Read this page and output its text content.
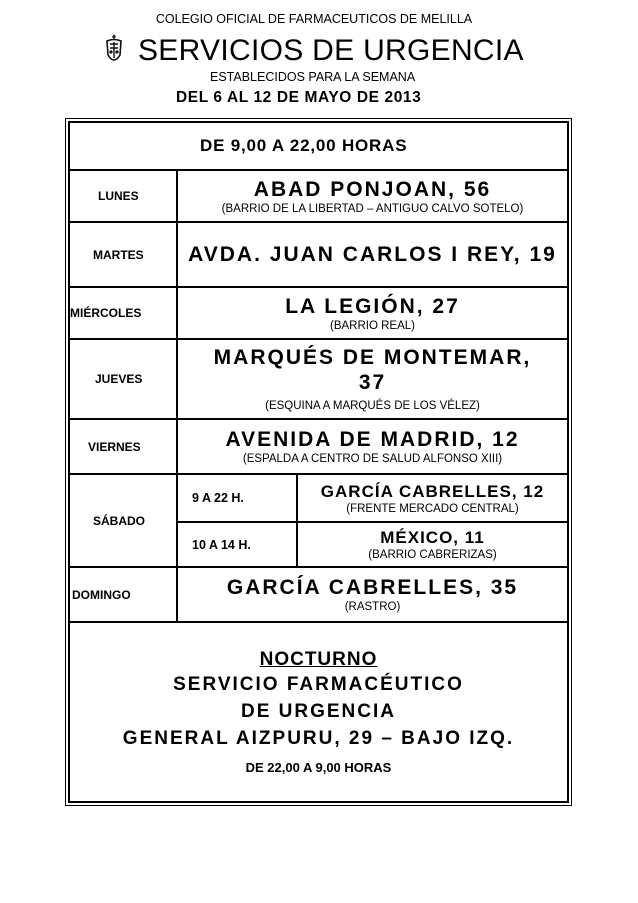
COLEGIO OFICIAL DE FARMACEUTICOS DE MELILLA
SERVICIOS DE URGENCIA
ESTABLECIDOS PARA LA SEMANA
DEL 6 AL 12 DE MAYO DE 2013
DE 9,00 A 22,00 HORAS		

LUNES	ABAD PONJOAN, 56
(BARRIO DE LA LIBERTAD – ANTIGUO CALVO SOTELO)	

MARTES	AVDA. JUAN CARLOS I REY, 19	

MIÉRCOLES	LA LEGIÓN, 27
(BARRIO REAL)	

JUEVES	MARQUÉS DE MONTEMAR, 37
(ESQUINA A MARQUÉS DE LOS VÉLEZ)	

VIERNES	AVENIDA DE MADRID, 12
(ESPALDA A CENTRO DE SALUD ALFONSO XIII)	

SÁBADO	9 A 22 H.	GARCÍA CABRELLES, 12
(FRENTE MERCADO CENTRAL)

	10 A 14 H.	MÉXICO, 11
(BARRIO CABRERIZAS)

DOMINGO	GARCÍA CABRELLES, 35
(RASTRO)	

NOCTURNO
SERVICIO FARMACÉUTICO DE URGENCIA
GENERAL AIZPURU, 29 – BAJO IZQ.
DE 22,00 A 9,00 HORAS		
